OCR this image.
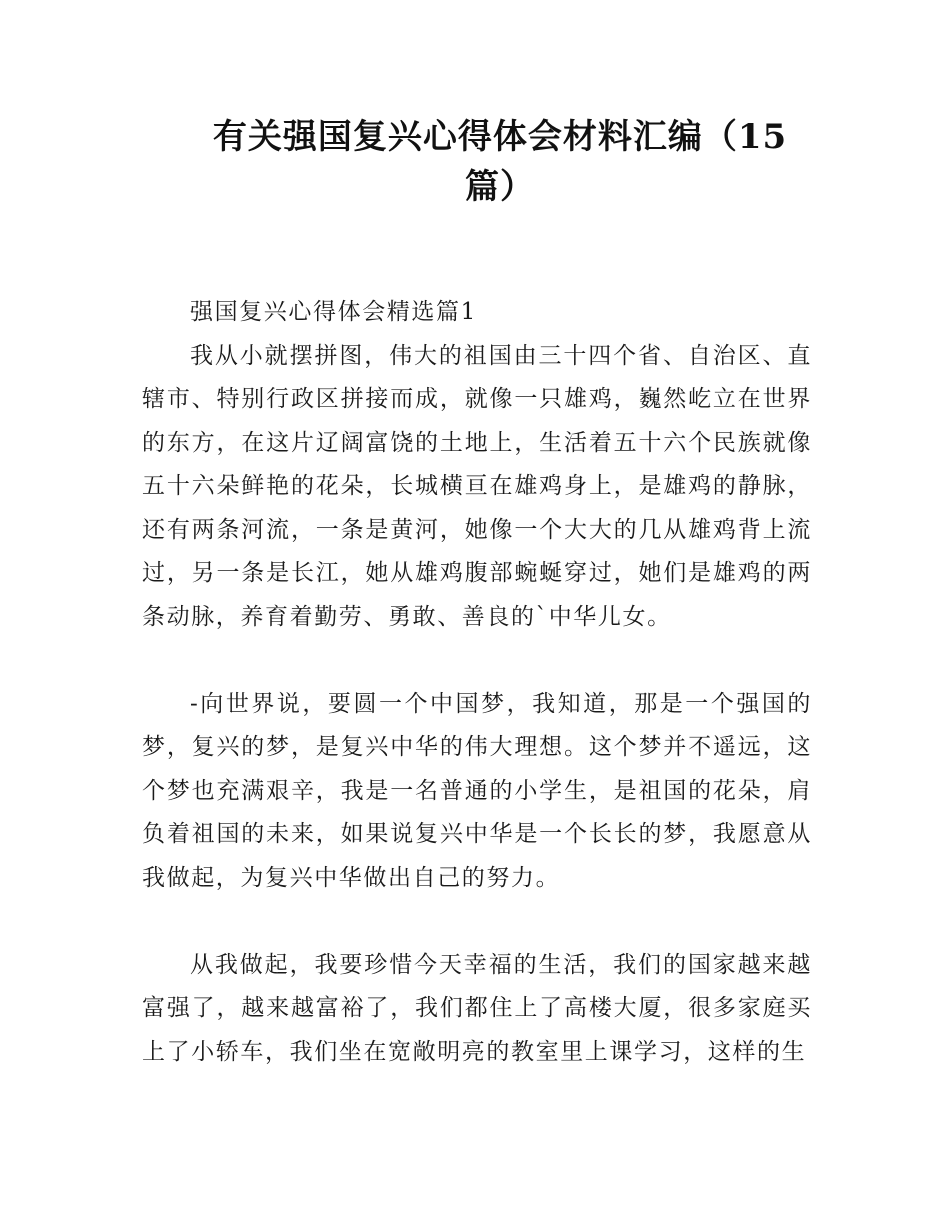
有关强国复兴心得体会材料汇编（15篇）

强国复兴心得体会精选篇1

我从小就摆拼图，伟大的祖国由三十四个省、自治区、直辖市、特别行政区拼接而成，就像一只雄鸡，巍然屹立在世界的东方，在这片辽阔富饶的土地上，生活着五十六个民族就像五十六朵鲜艳的花朵，长城横亘在雄鸡身上，是雄鸡的静脉，还有两条河流，一条是黄河，她像一个大大的几从雄鸡背上流过，另一条是长江，她从雄鸡腹部蜿蜒穿过，她们是雄鸡的两条动脉，养育着勤劳、勇敢、善良的`中华儿女。

-向世界说，要圆一个中国梦，我知道，那是一个强国的梦，复兴的梦，是复兴中华的伟大理想。这个梦并不遥远，这个梦也充满艰辛，我是一名普通的小学生，是祖国的花朵，肩负着祖国的未来，如果说复兴中华是一个长长的梦，我愿意从我做起，为复兴中华做出自己的努力。

从我做起，我要珍惜今天幸福的生活，我们的国家越来越富强了，越来越富裕了，我们都住上了高楼大厦，很多家庭买上了小轿车，我们坐在宽敞明亮的教室里上课学习，这样的生
